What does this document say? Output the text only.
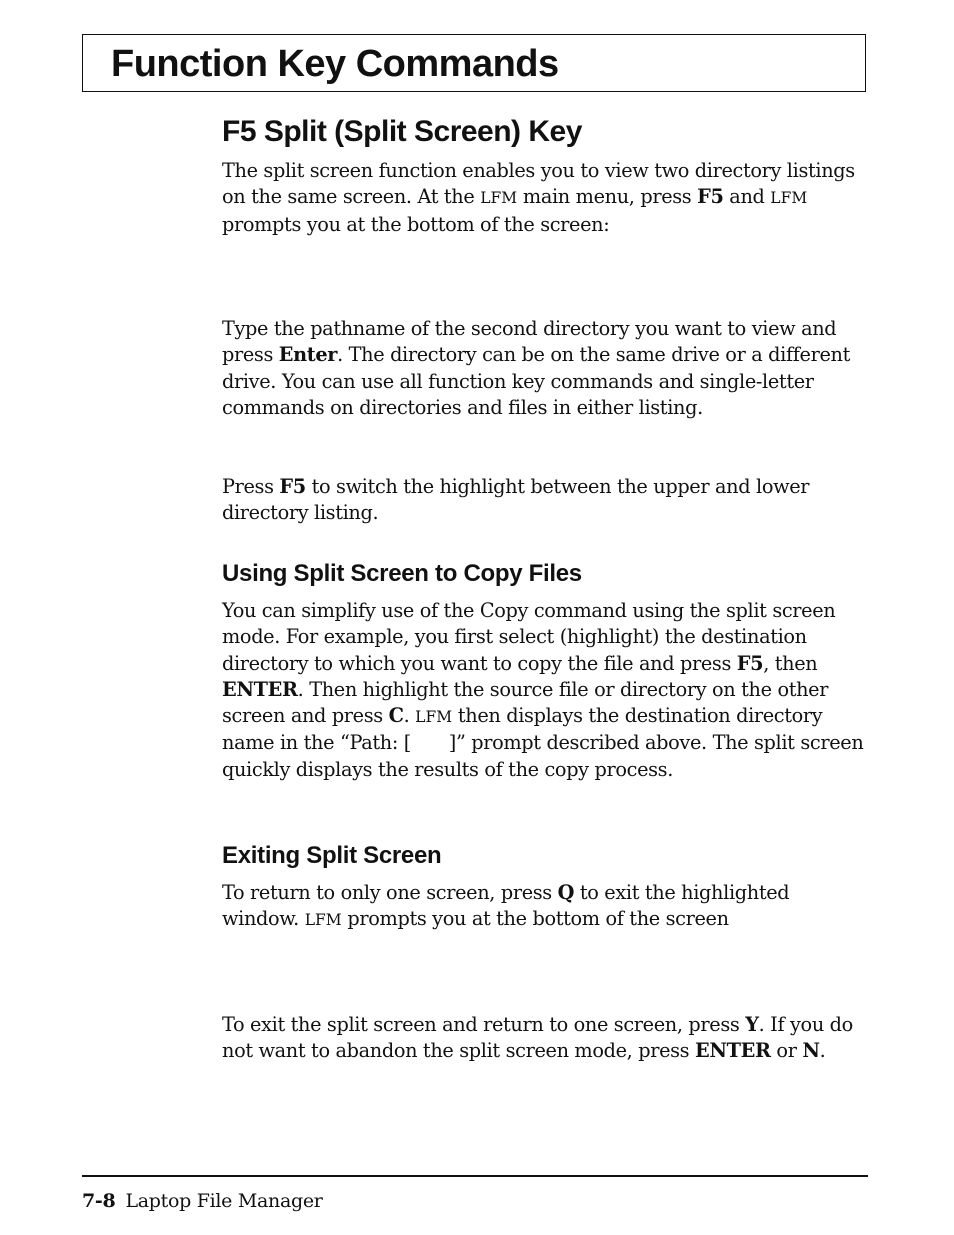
Function Key Commands
F5 Split (Split Screen) Key

The split screen function enables you to view two directory listings on the same screen. At the LFM main menu, press F5 and LFM prompts you at the bottom of the screen:

Type the pathname of the second directory you want to view and press Enter. The directory can be on the same drive or a different drive. You can use all function key commands and single-letter commands on directories and files in either listing.

Press F5 to switch the highlight between the upper and lower directory listing.

Using Split Screen to Copy Files

You can simplify use of the Copy command using the split screen mode. For example, you first select (highlight) the destination directory to which you want to copy the file and press F5, then ENTER. Then highlight the source file or directory on the other screen and press C. LFM then displays the destination directory name in the “Path: [  ]” prompt described above. The split screen quickly displays the results of the copy process.

Exiting Split Screen

To return to only one screen, press Q to exit the highlighted window. LFM prompts you at the bottom of the screen

To exit the split screen and return to one screen, press Y. If you do not want to abandon the split screen mode, press ENTER or N.

7-8 Laptop File Manager
